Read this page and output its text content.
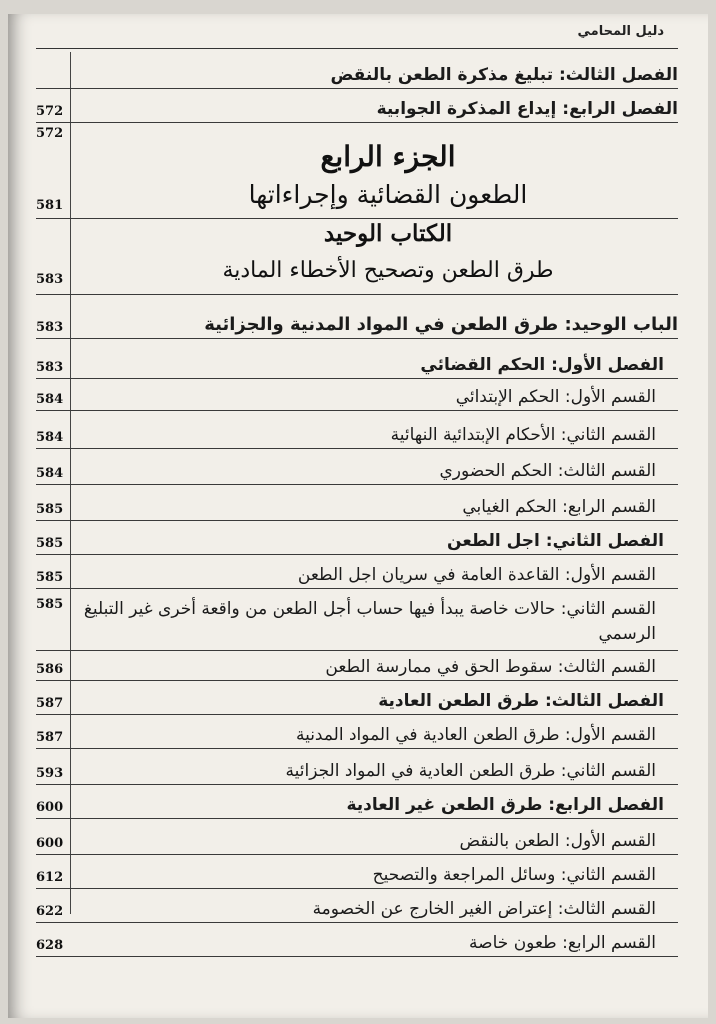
دليل المحامي
الفصل الثالث: تبليغ مذكرة الطعن بالنقض
الفصل الرابع: إيداع المذكرة الجوابية
572
572
الجزء الرابع
الطعون القضائية وإجراءاتها
581
الكتاب الوحيد
طرق الطعن وتصحيح الأخطاء المادية
583
الباب الوحيد: طرق الطعن في المواد المدنية والجزائية
583
الفصل الأول: الحكم القضائي
583
القسم الأول: الحكم الإبتدائي
584
القسم الثاني: الأحكام الإبتدائية النهائية
584
القسم الثالث: الحكم الحضوري
584
القسم الرابع: الحكم الغيابي
585
الفصل الثاني: اجل الطعن
585
القسم الأول: القاعدة العامة في سريان اجل الطعن
585
القسم الثاني: حالات خاصة يبدأ فيها حساب أجل الطعن من واقعة أخرى غير التبليغ الرسمي
585
القسم الثالث: سقوط الحق في ممارسة الطعن
586
الفصل الثالث: طرق الطعن العادية
587
القسم الأول: طرق الطعن العادية في المواد المدنية
587
القسم الثاني: طرق الطعن العادية في المواد الجزائية
593
الفصل الرابع: طرق الطعن غير العادية
600
القسم الأول: الطعن بالنقض
600
القسم الثاني: وسائل المراجعة والتصحيح
612
القسم الثالث: إعتراض الغير الخارج عن الخصومة
622
القسم الرابع: طعون خاصة
628
